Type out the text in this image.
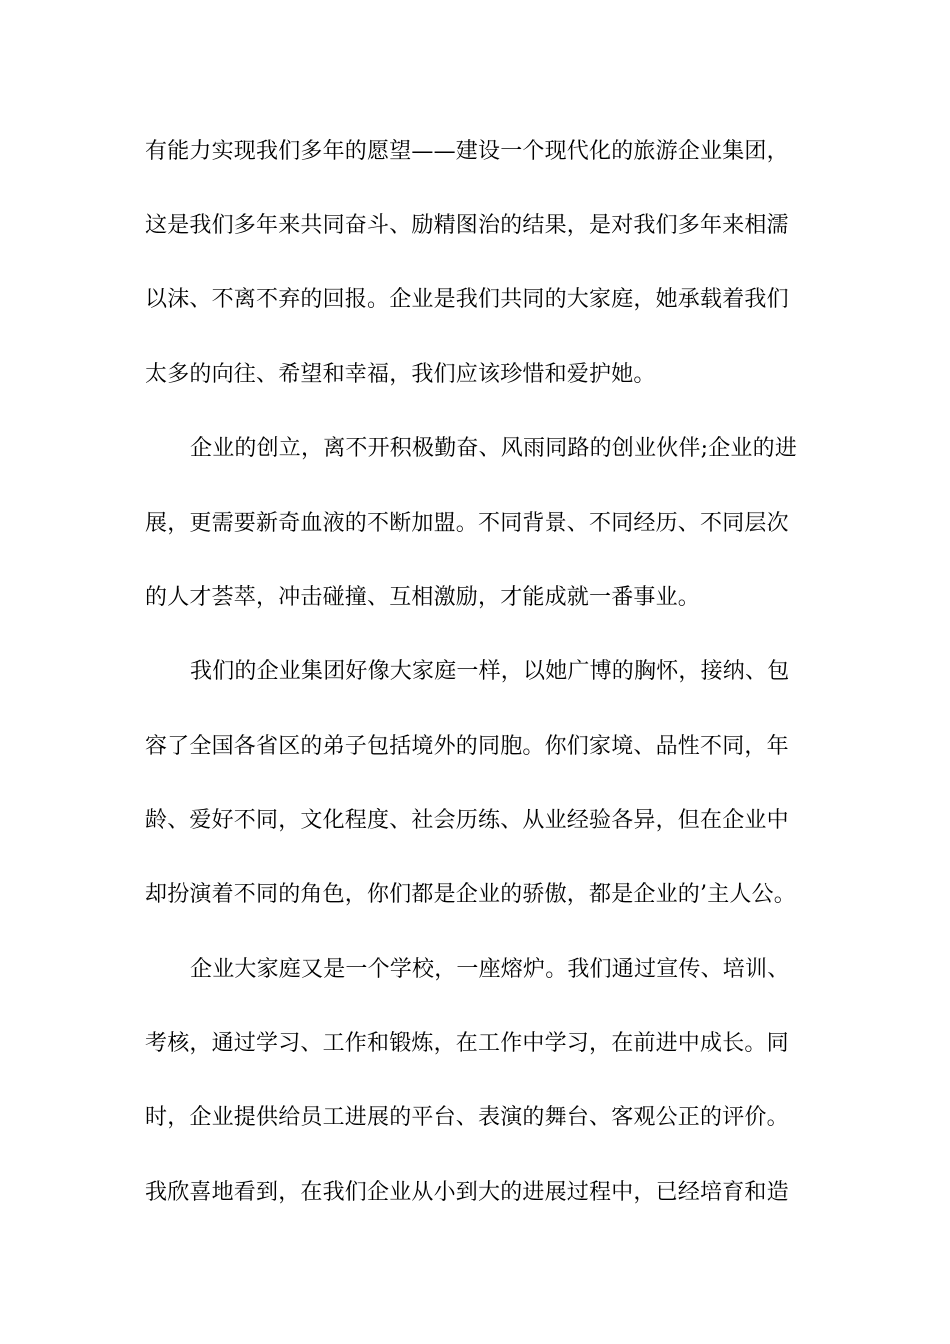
有能力实现我们多年的愿望——建设一个现代化的旅游企业集团，
这是我们多年来共同奋斗、励精图治的结果，是对我们多年来相濡
以沫、不离不弃的回报。企业是我们共同的大家庭，她承载着我们
太多的向往、希望和幸福，我们应该珍惜和爱护她。
企业的创立，离不开积极勤奋、风雨同路的创业伙伴;企业的进
展，更需要新奇血液的不断加盟。不同背景、不同经历、不同层次
的人才荟萃，冲击碰撞、互相激励，才能成就一番事业。
我们的企业集团好像大家庭一样，以她广博的胸怀，接纳、包
容了全国各省区的弟子包括境外的同胞。你们家境、品性不同，年
龄、爱好不同，文化程度、社会历练、从业经验各异，但在企业中
却扮演着不同的角色，你们都是企业的骄傲，都是企业的’主人公。
企业大家庭又是一个学校，一座熔炉。我们通过宣传、培训、
考核，通过学习、工作和锻炼，在工作中学习，在前进中成长。同
时，企业提供给员工进展的平台、表演的舞台、客观公正的评价。
我欣喜地看到，在我们企业从小到大的进展过程中，已经培育和造
